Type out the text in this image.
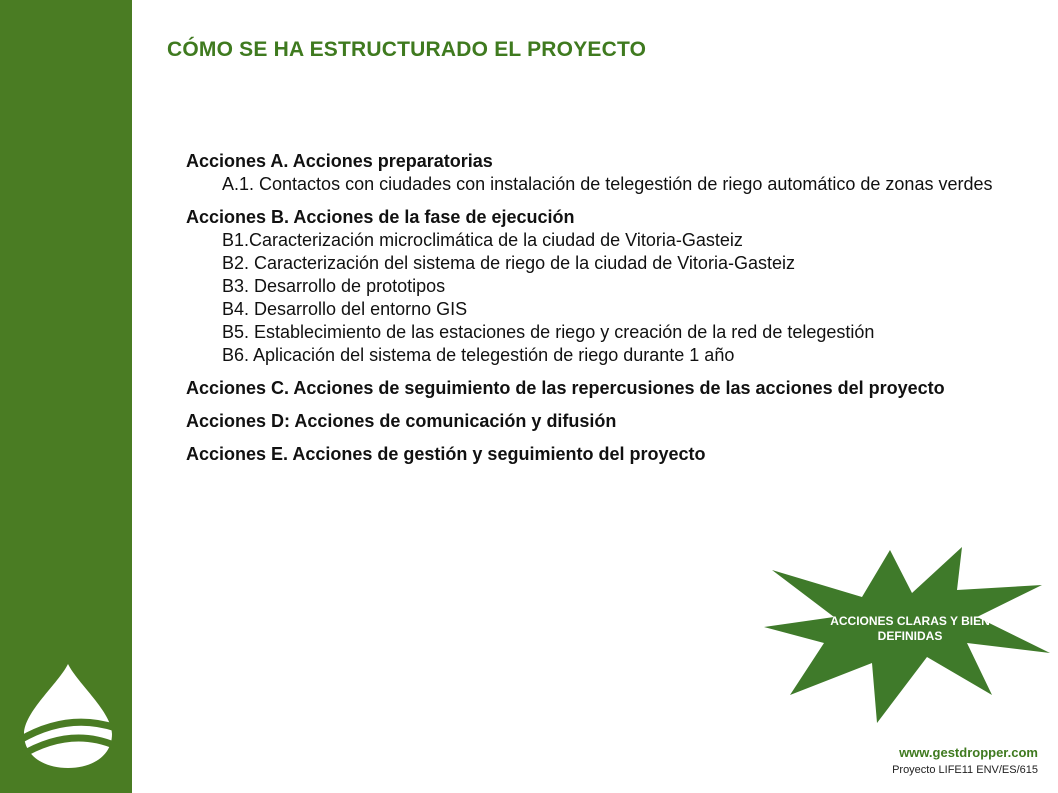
CÓMO SE HA ESTRUCTURADO EL PROYECTO
Acciones A. Acciones preparatorias
A.1. Contactos con ciudades con instalación de telegestión de riego automático de zonas verdes
Acciones B. Acciones de la fase de ejecución
B1.Caracterización microclimática de la ciudad de Vitoria-Gasteiz
B2. Caracterización del sistema de riego de la ciudad de Vitoria-Gasteiz
B3. Desarrollo de prototipos
B4. Desarrollo del entorno GIS
B5. Establecimiento de las estaciones de riego y creación de la red de telegestión
B6. Aplicación del sistema de telegestión de riego durante 1 año
Acciones C. Acciones de seguimiento de las repercusiones de las acciones del proyecto
Acciones D: Acciones de comunicación y difusión
Acciones E. Acciones de gestión y seguimiento del proyecto
ACCIONES CLARAS Y BIEN DEFINIDAS
www.gestdropper.com
Proyecto LIFE11 ENV/ES/615
